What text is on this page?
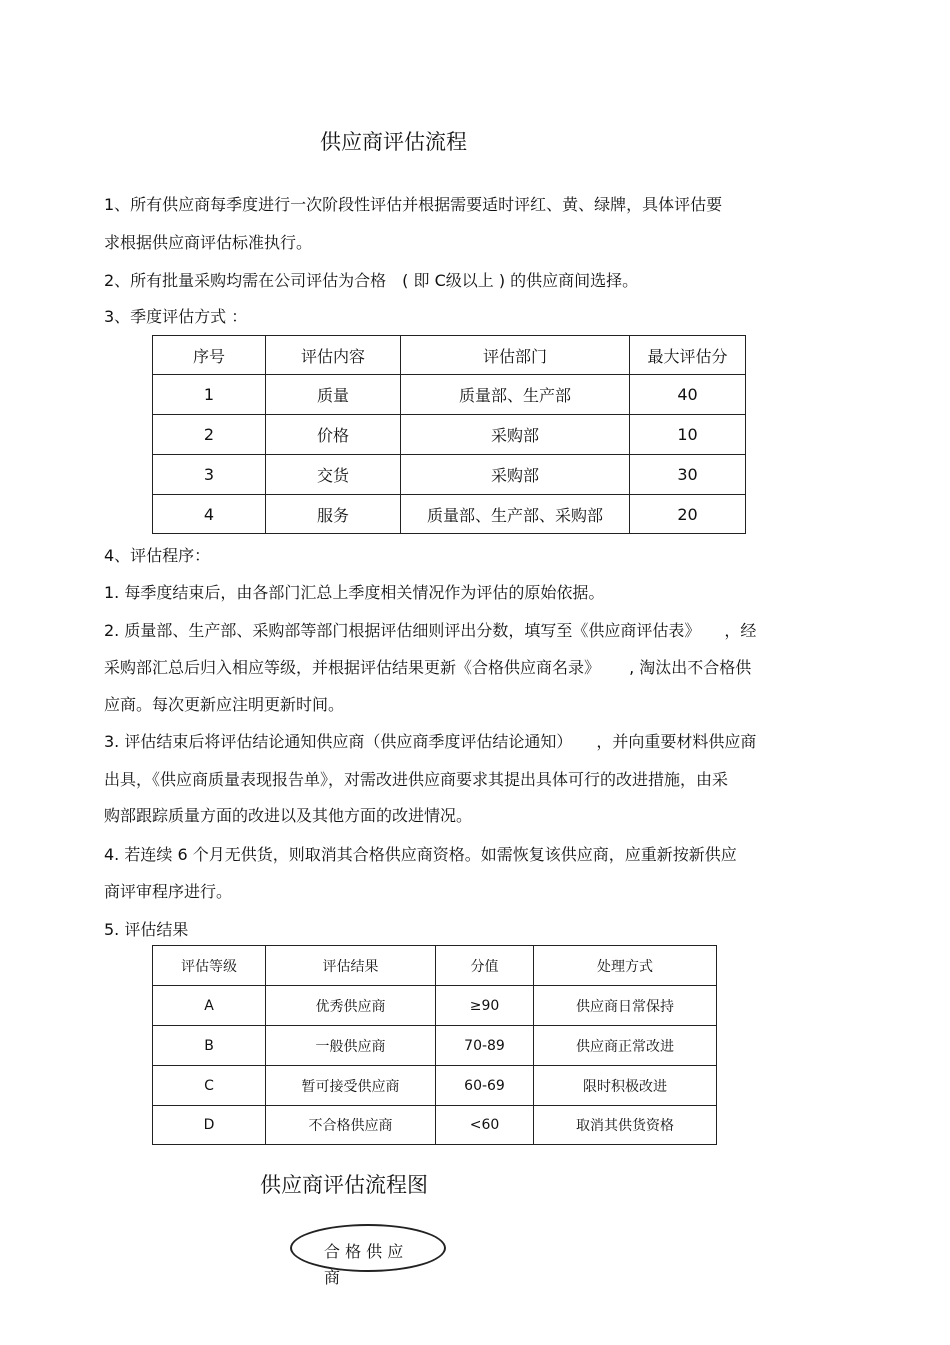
供应商评估流程
1、所有供应商每季度进行一次阶段性评估并根据需要适时评红、黄、绿牌，具体评估要
求根据供应商评估标准执行。
2、所有批量采购均需在公司评估为合格　( 即 C级以上 ) 的供应商间选择。
3、季度评估方式 ：
序号	评估内容	评估部门	最大评估分
1	质量	质量部、生产部	40
2	价格	采购部	10
3	交货	采购部	30
4	服务	质量部、生产部、采购部	20
4、评估程序：
1. 每季度结束后，由各部门汇总上季度相关情况作为评估的原始依据。
2. 质量部、生产部、采购部等部门根据评估细则评出分数，填写至《供应商评估表》　　，经
采购部汇总后归入相应等级，并根据评估结果更新《合格供应商名录》　　 , 淘汰出不合格供
应商。每次更新应注明更新时间。
3. 评估结束后将评估结论通知供应商（供应商季度评估结论通知）　　，并向重要材料供应商
出具，《供应商质量表现报告单》，对需改进供应商要求其提出具体可行的改进措施，由采
购部跟踪质量方面的改进以及其他方面的改进情况。
4. 若连续 6 个月无供货，则取消其合格供应商资格。如需恢复该供应商，应重新按新供应
商评审程序进行。
5. 评估结果
评估等级	评估结果	分值	处理方式
A	优秀供应商	≥90	供应商日常保持
B	一般供应商	70-89	供应商正常改进
C	暂可接受供应商	60-69	限时积极改进
D	不合格供应商	<60	取消其供货资格
供应商评估流程图
合 格 供 应
商
